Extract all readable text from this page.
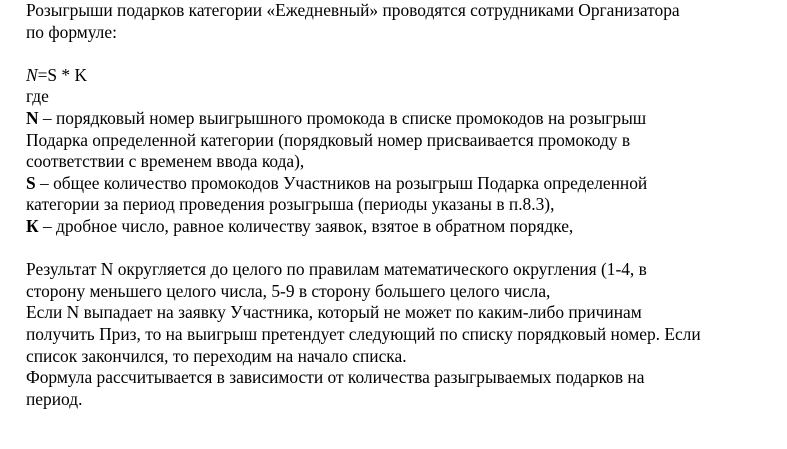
Розыгрыши подарков категории «Ежедневный» проводятся сотрудниками Организатора
по формуле:
N=S * K
где
N – порядковый номер выигрышного промокода в списке промокодов на розыгрыш
Подарка определенной категории (порядковый номер присваивается промокоду в
соответствии с временем ввода кода),
S – общее количество промокодов Участников на розыгрыш Подарка определенной
категории за период проведения розыгрыша (периоды указаны в п.8.3),
К – дробное число, равное количеству заявок, взятое в обратном порядке,
Результат N округляется до целого по правилам математического округления (1-4, в
сторону меньшего целого числа, 5-9 в сторону большего целого числа,
Если N выпадает на заявку Участника, который не может по каким-либо причинам
получить Приз, то на выигрыш претендует следующий по списку порядковый номер. Если
список закончился, то переходим на начало списка.
Формула рассчитывается в зависимости от количества разыгрываемых подарков на
период.
